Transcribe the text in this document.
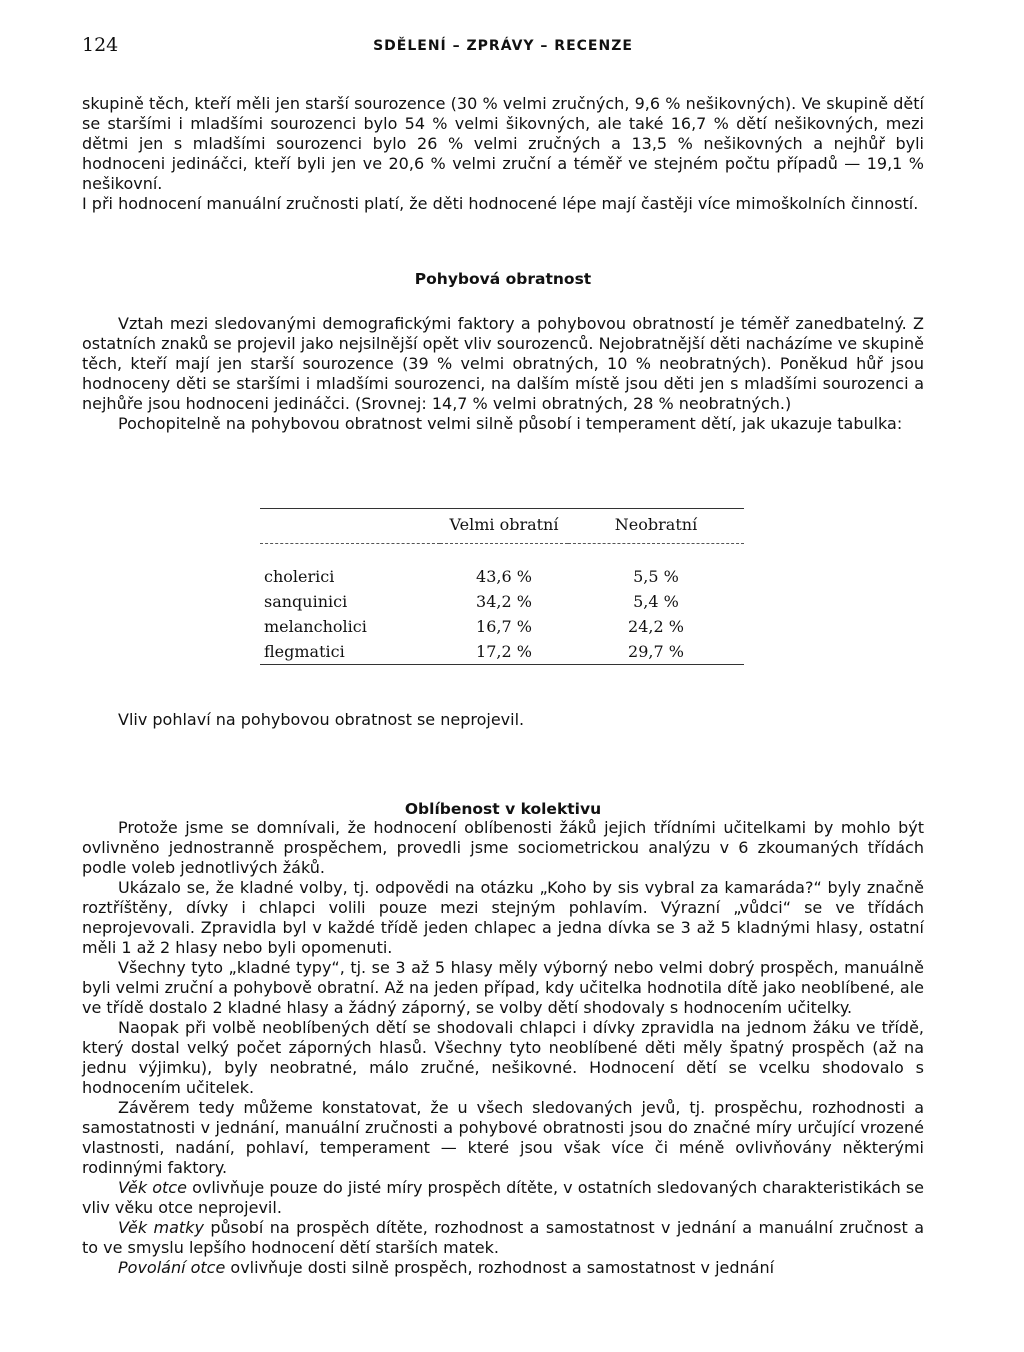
124	SDĚLENÍ – ZPRÁVY – RECENZE

skupině těch, kteří měli jen starší sourozence (30 % velmi zručných, 9,6 % nešikovných). Ve skupině dětí se staršími i mladšími sourozenci bylo 54 % velmi šikovných, ale také 16,7 % dětí nešikovných, mezi dětmi jen s mladšími sourozenci bylo 26 % velmi zručných a 13,5 % nešikovných a nejhůř byli hodnoceni jedináčci, kteří byli jen ve 20,6 % velmi zruční a téměř ve stejném počtu případů — 19,1 % nešikovní.

I při hodnocení manuální zručnosti platí, že děti hodnocené lépe mají častěji více mimoškolních činností.

Pohybová obratnost

Vztah mezi sledovanými demografickými faktory a pohybovou obratností je téměř zanedbatelný. Z ostatních znaků se projevil jako nejsilnější opět vliv sourozenců. Nejobratnější děti nacházíme ve skupině těch, kteří mají jen starší sourozence (39 % velmi obratných, 10 % neobratných). Poněkud hůř jsou hodnoceny děti se staršími i mladšími sourozenci, na dalším místě jsou děti jen s mladšími sourozenci a nejhůře jsou hodnoceni jedináčci. (Srovnej: 14,7 % velmi obratných, 28 % neobratných.)

Pochopitelně na pohybovou obratnost velmi silně působí i temperament dětí, jak ukazuje tabulka:

	Velmi obratní	Neobratní
cholerici	43,6 %	5,5 %
sanquinici	34,2 %	5,4 %
melancholici	16,7 %	24,2 %
flegmatici	17,2 %	29,7 %
Vliv pohlaví na pohybovou obratnost se neprojevil.
Oblíbenost v kolektivu

Protože jsme se domnívali, že hodnocení oblíbenosti žáků jejich třídními učitelkami by mohlo být ovlivněno jednostranně prospěchem, provedli jsme sociometrickou analýzu v 6 zkoumaných třídách podle voleb jednotlivých žáků.

Ukázalo se, že kladné volby, tj. odpovědi na otázku „Koho by sis vybral za kamaráda?“ byly značně roztříštěny, dívky i chlapci volili pouze mezi stejným pohlavím. Výrazní „vůdci“ se ve třídách neprojevovali. Zpravidla byl v každé třídě jeden chlapec a jedna dívka se 3 až 5 kladnými hlasy, ostatní měli 1 až 2 hlasy nebo byli opomenuti.

Všechny tyto „kladné typy“, tj. se 3 až 5 hlasy měly výborný nebo velmi dobrý prospěch, manuálně byli velmi zruční a pohybově obratní. Až na jeden případ, kdy učitelka hodnotila dítě jako neoblíbené, ale ve třídě dostalo 2 kladné hlasy a žádný záporný, se volby dětí shodovaly s hodnocením učitelky.

Naopak při volbě neoblíbených dětí se shodovali chlapci i dívky zpravidla na jednom žáku ve třídě, který dostal velký počet záporných hlasů. Všechny tyto neoblíbené děti měly špatný prospěch (až na jednu výjimku), byly neobratné, málo zručné, nešikovné. Hodnocení dětí se vcelku shodovalo s hodnocením učitelek.

Závěrem tedy můžeme konstatovat, že u všech sledovaných jevů, tj. prospěchu, rozhodnosti a samostatnosti v jednání, manuální zručnosti a pohybové obratnosti jsou do značné míry určující vrozené vlastnosti, nadání, pohlaví, temperament — které jsou však více či méně ovlivňovány některými rodinnými faktory.

Věk otce ovlivňuje pouze do jisté míry prospěch dítěte, v ostatních sledovaných charakteristikách se vliv věku otce neprojevil.

Věk matky působí na prospěch dítěte, rozhodnost a samostatnost v jednání a manuální zručnost a to ve smyslu lepšího hodnocení dětí starších matek.

Povolání otce ovlivňuje dosti silně prospěch, rozhodnost a samostatnost v jednání
